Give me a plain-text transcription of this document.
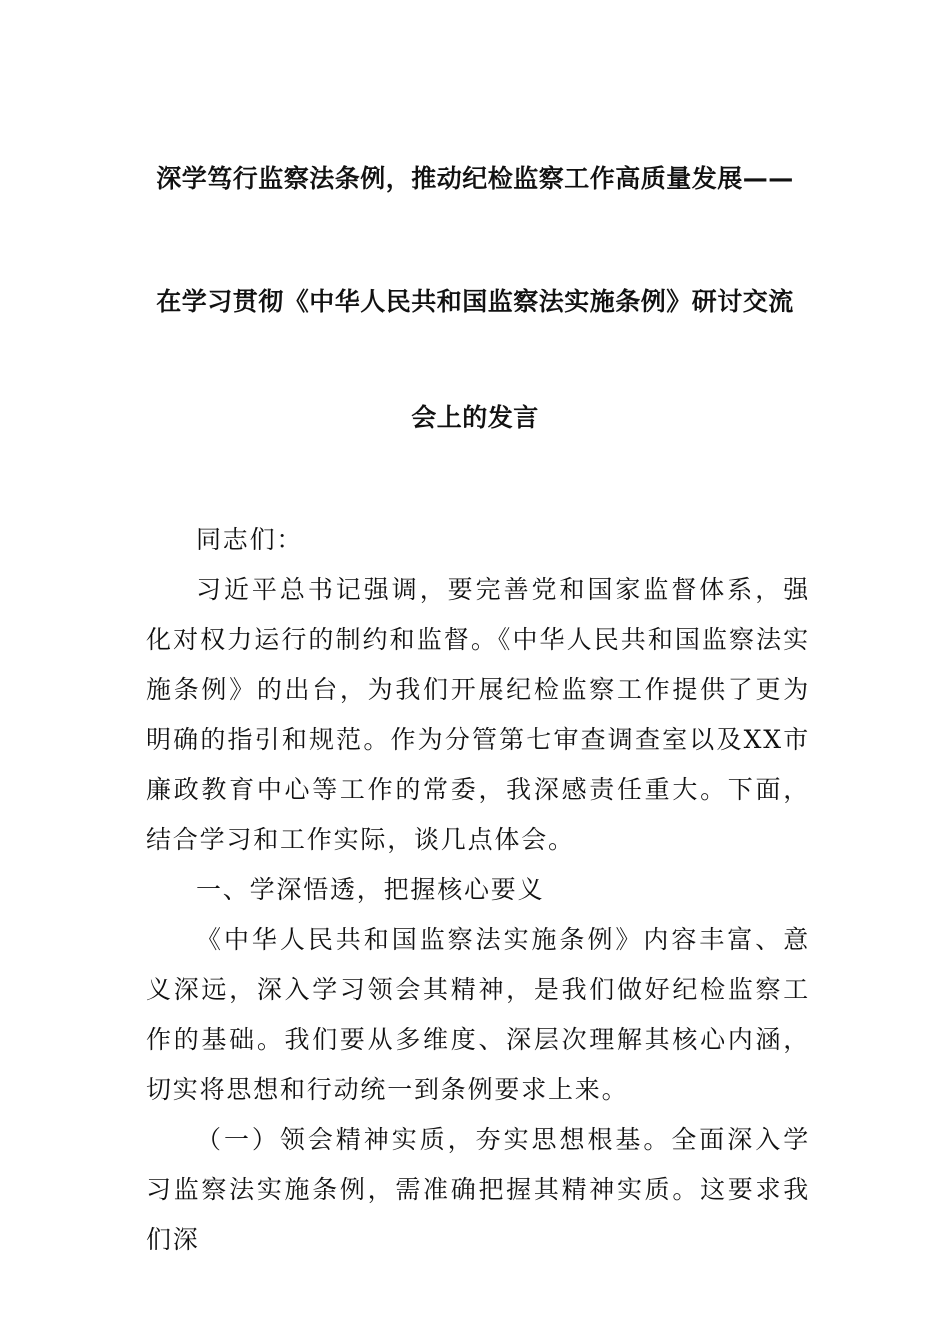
深学笃行监察法条例，推动纪检监察工作高质量发展——
在学习贯彻《中华人民共和国监察法实施条例》研讨交流
会上的发言

同志们：

习近平总书记强调，要完善党和国家监督体系，强化对权力运行的制约和监督。《中华人民共和国监察法实施条例》的出台，为我们开展纪检监察工作提供了更为明确的指引和规范。作为分管第七审查调查室以及XX市廉政教育中心等工作的常委，我深感责任重大。下面，结合学习和工作实际，谈几点体会。

一、学深悟透，把握核心要义

《中华人民共和国监察法实施条例》内容丰富、意义深远，深入学习领会其精神，是我们做好纪检监察工作的基础。我们要从多维度、深层次理解其核心内涵，切实将思想和行动统一到条例要求上来。

（一）领会精神实质，夯实思想根基。全面深入学习监察法实施条例，需准确把握其精神实质。这要求我们深
